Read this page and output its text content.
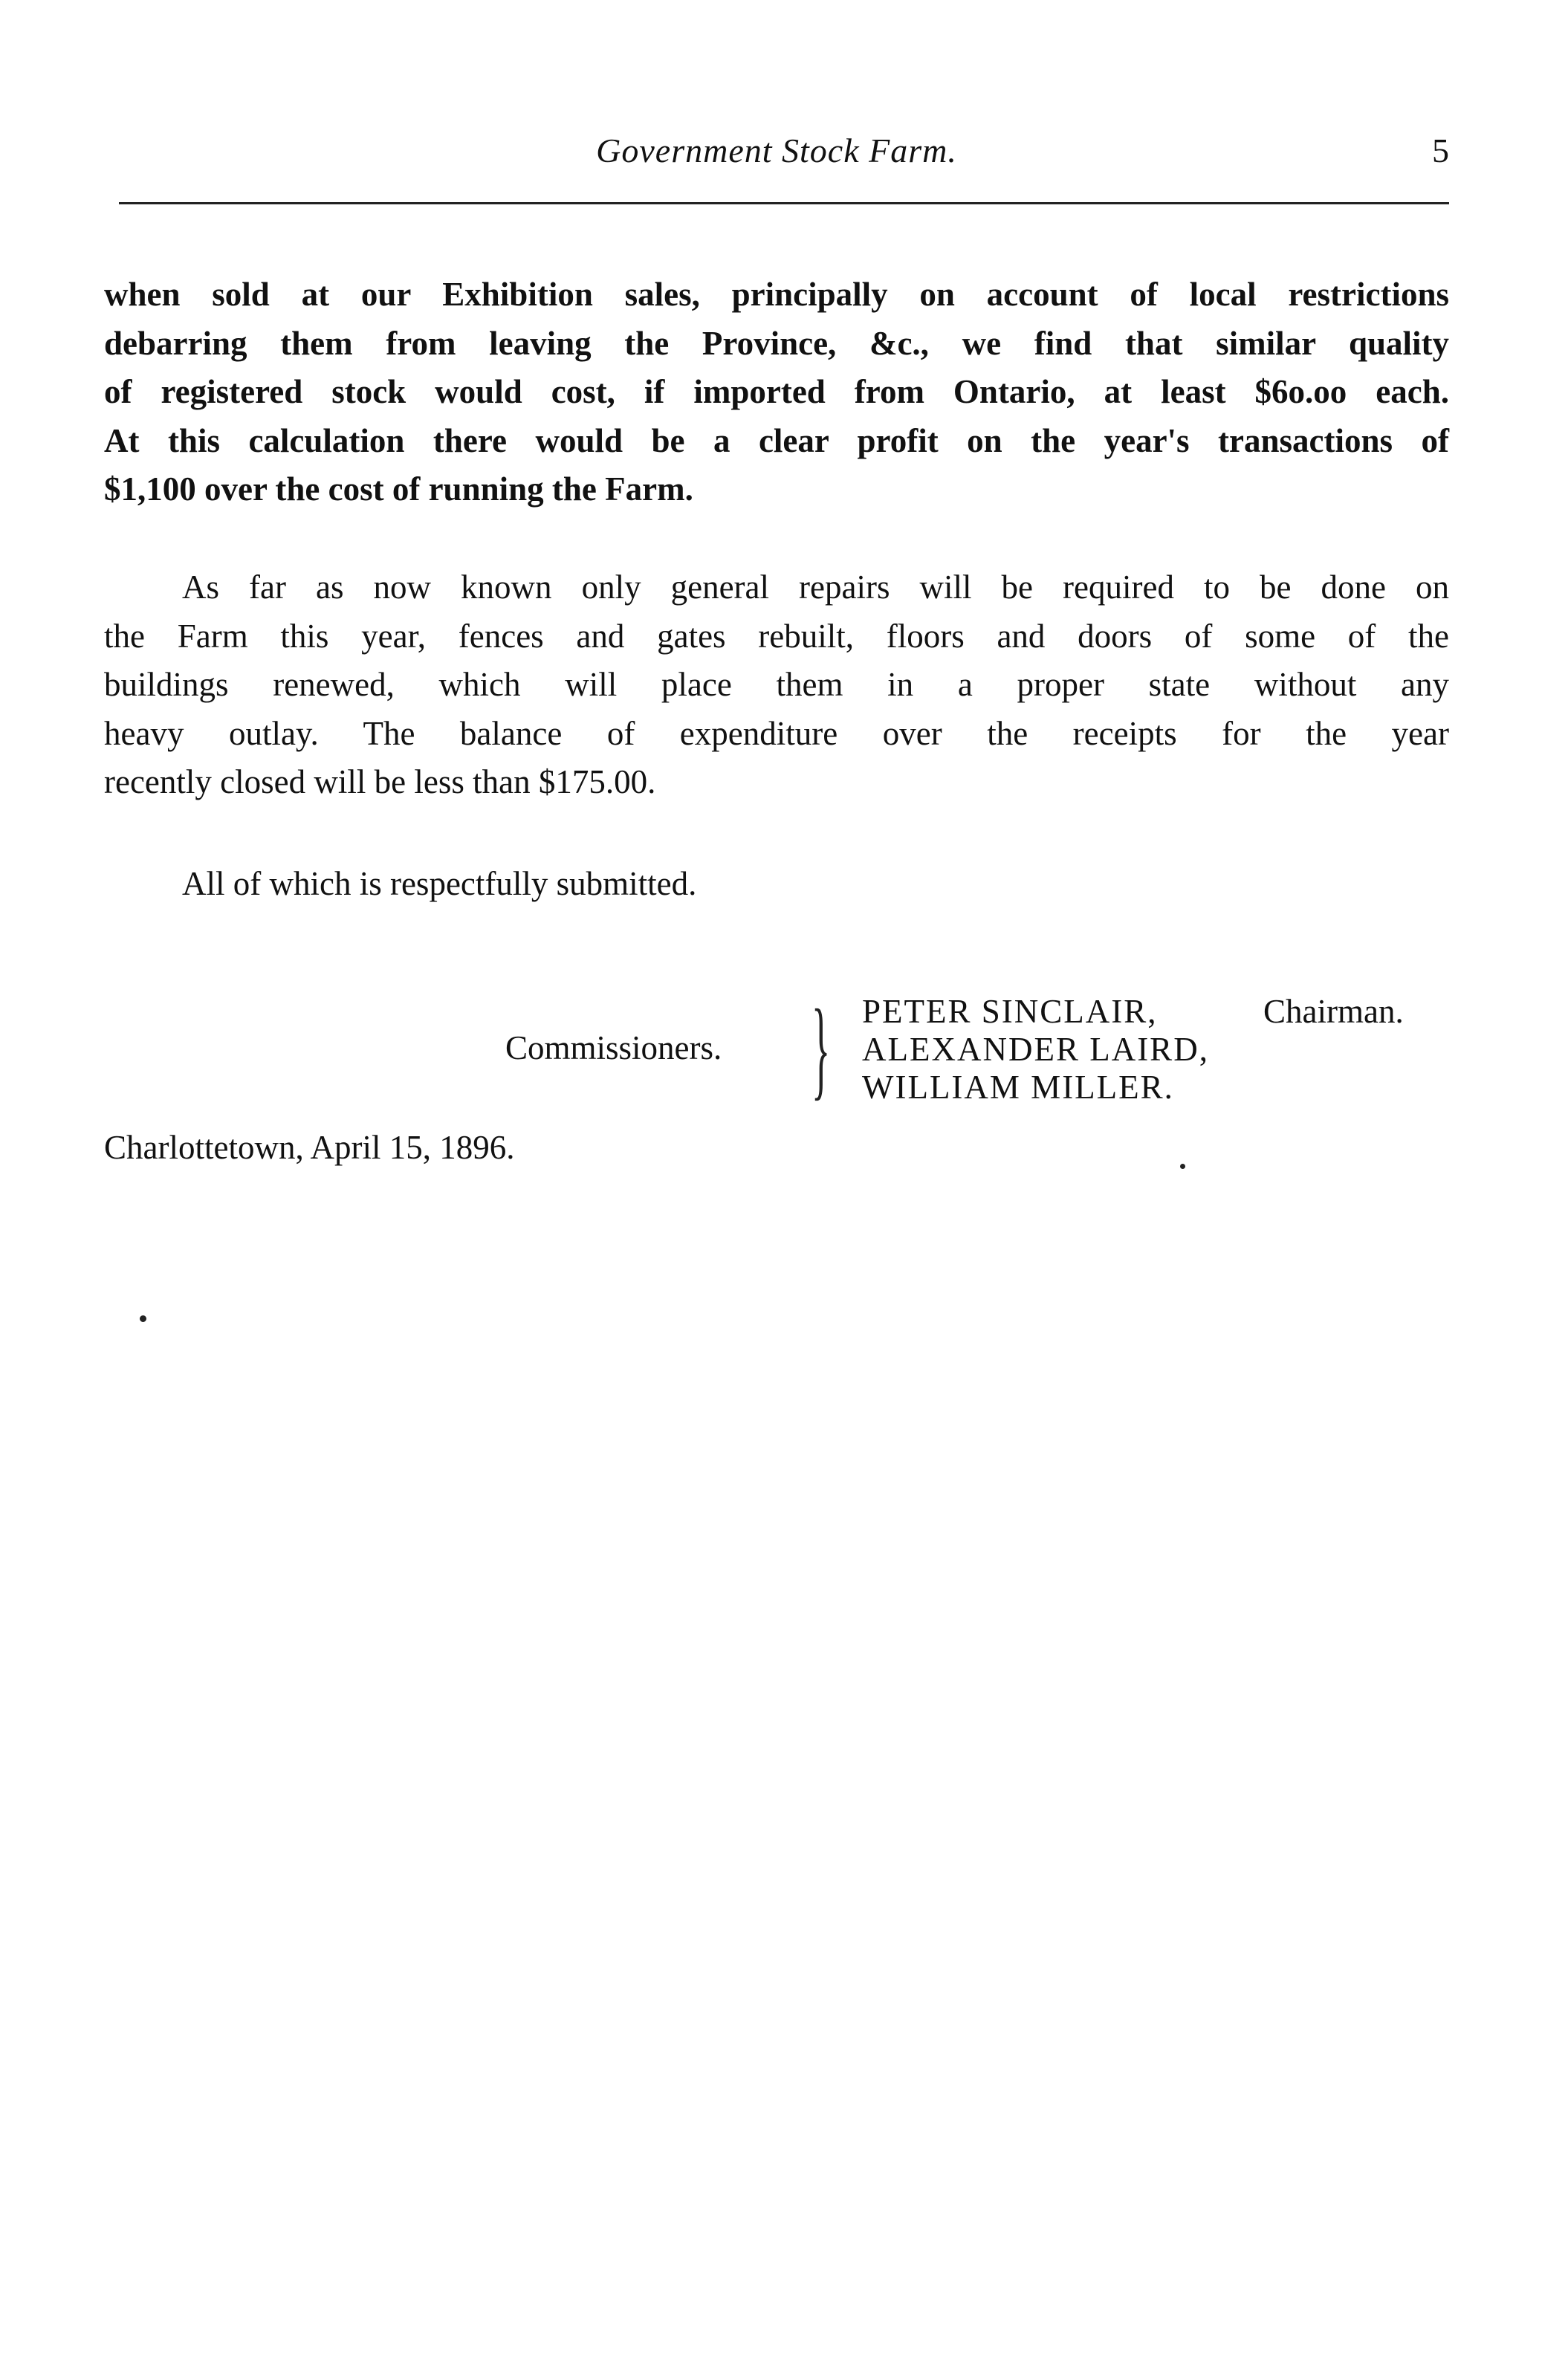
Government Stock Farm.	5
when sold at our Exhibition sales, principally on account of local restrictions
debarring them from leaving the Province, &c., we find that similar quality
of registered stock would cost, if imported from Ontario, at least $6o.oo each.
At this calculation there would be a clear profit on the year's transactions of
$1,100 over the cost of running the Farm.
As far as now known only general repairs will be required to be done on
the Farm this year, fences and gates rebuilt, floors and doors of some of the
buildings renewed, which will place them in a proper state without any
heavy outlay. The balance of expenditure over the receipts for the year
recently closed will be less than $175.00.
All of which is respectfully submitted.
Commissioners. } PETER SINCLAIR,	Chairman.
ALEXANDER LAIRD,
WILLIAM MILLER.
Charlottetown, April 15, 1896.
